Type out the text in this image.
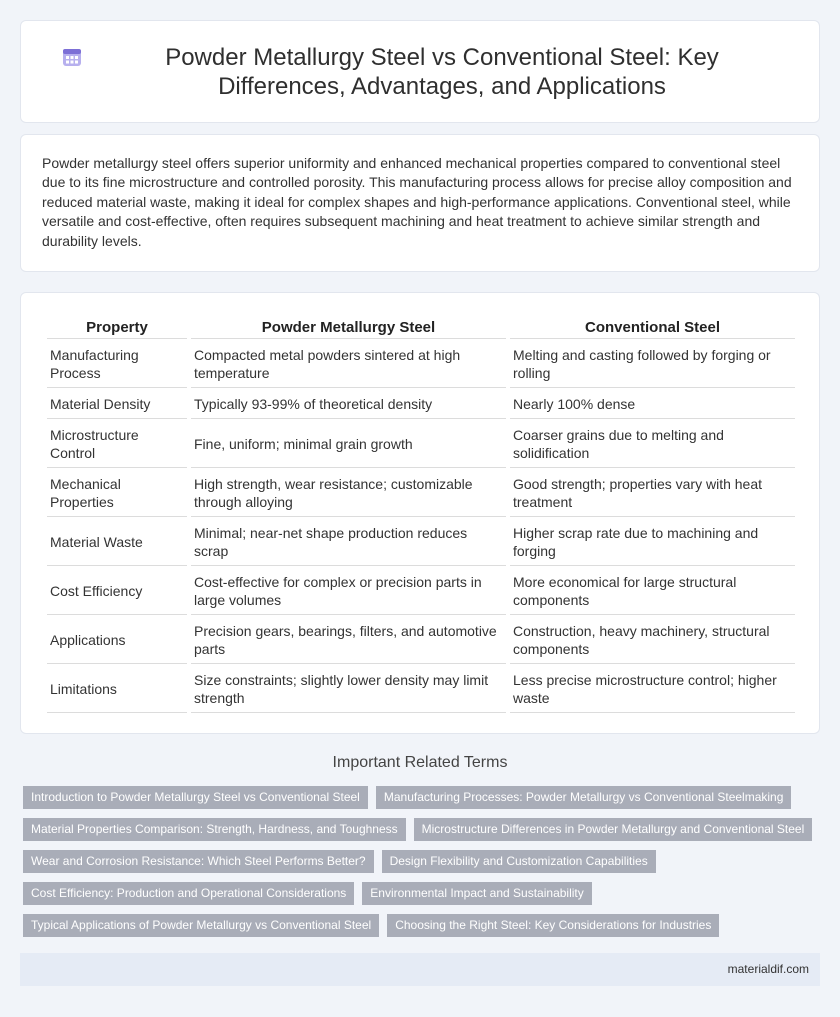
Powder Metallurgy Steel vs Conventional Steel: Key Differences, Advantages, and Applications

Powder metallurgy steel offers superior uniformity and enhanced mechanical properties compared to conventional steel due to its fine microstructure and controlled porosity. This manufacturing process allows for precise alloy composition and reduced material waste, making it ideal for complex shapes and high-performance applications. Conventional steel, while versatile and cost-effective, often requires subsequent machining and heat treatment to achieve similar strength and durability levels.

Property	Powder Metallurgy Steel	Conventional Steel
Manufacturing Process	Compacted metal powders sintered at high temperature	Melting and casting followed by forging or rolling
Material Density	Typically 93-99% of theoretical density	Nearly 100% dense
Microstructure Control	Fine, uniform; minimal grain growth	Coarser grains due to melting and solidification
Mechanical Properties	High strength, wear resistance; customizable through alloying	Good strength; properties vary with heat treatment
Material Waste	Minimal; near-net shape production reduces scrap	Higher scrap rate due to machining and forging
Cost Efficiency	Cost-effective for complex or precision parts in large volumes	More economical for large structural components
Applications	Precision gears, bearings, filters, and automotive parts	Construction, heavy machinery, structural components
Limitations	Size constraints; slightly lower density may limit strength	Less precise microstructure control; higher waste
Important Related Terms
Introduction to Powder Metallurgy Steel vs Conventional Steel	Manufacturing Processes: Powder Metallurgy vs Conventional Steelmaking
Material Properties Comparison: Strength, Hardness, and Toughness	Microstructure Differences in Powder Metallurgy and Conventional Steel
Wear and Corrosion Resistance: Which Steel Performs Better?	Design Flexibility and Customization Capabilities
Cost Efficiency: Production and Operational Considerations	Environmental Impact and Sustainability
Typical Applications of Powder Metallurgy vs Conventional Steel	Choosing the Right Steel: Key Considerations for Industries
materialdif.com
